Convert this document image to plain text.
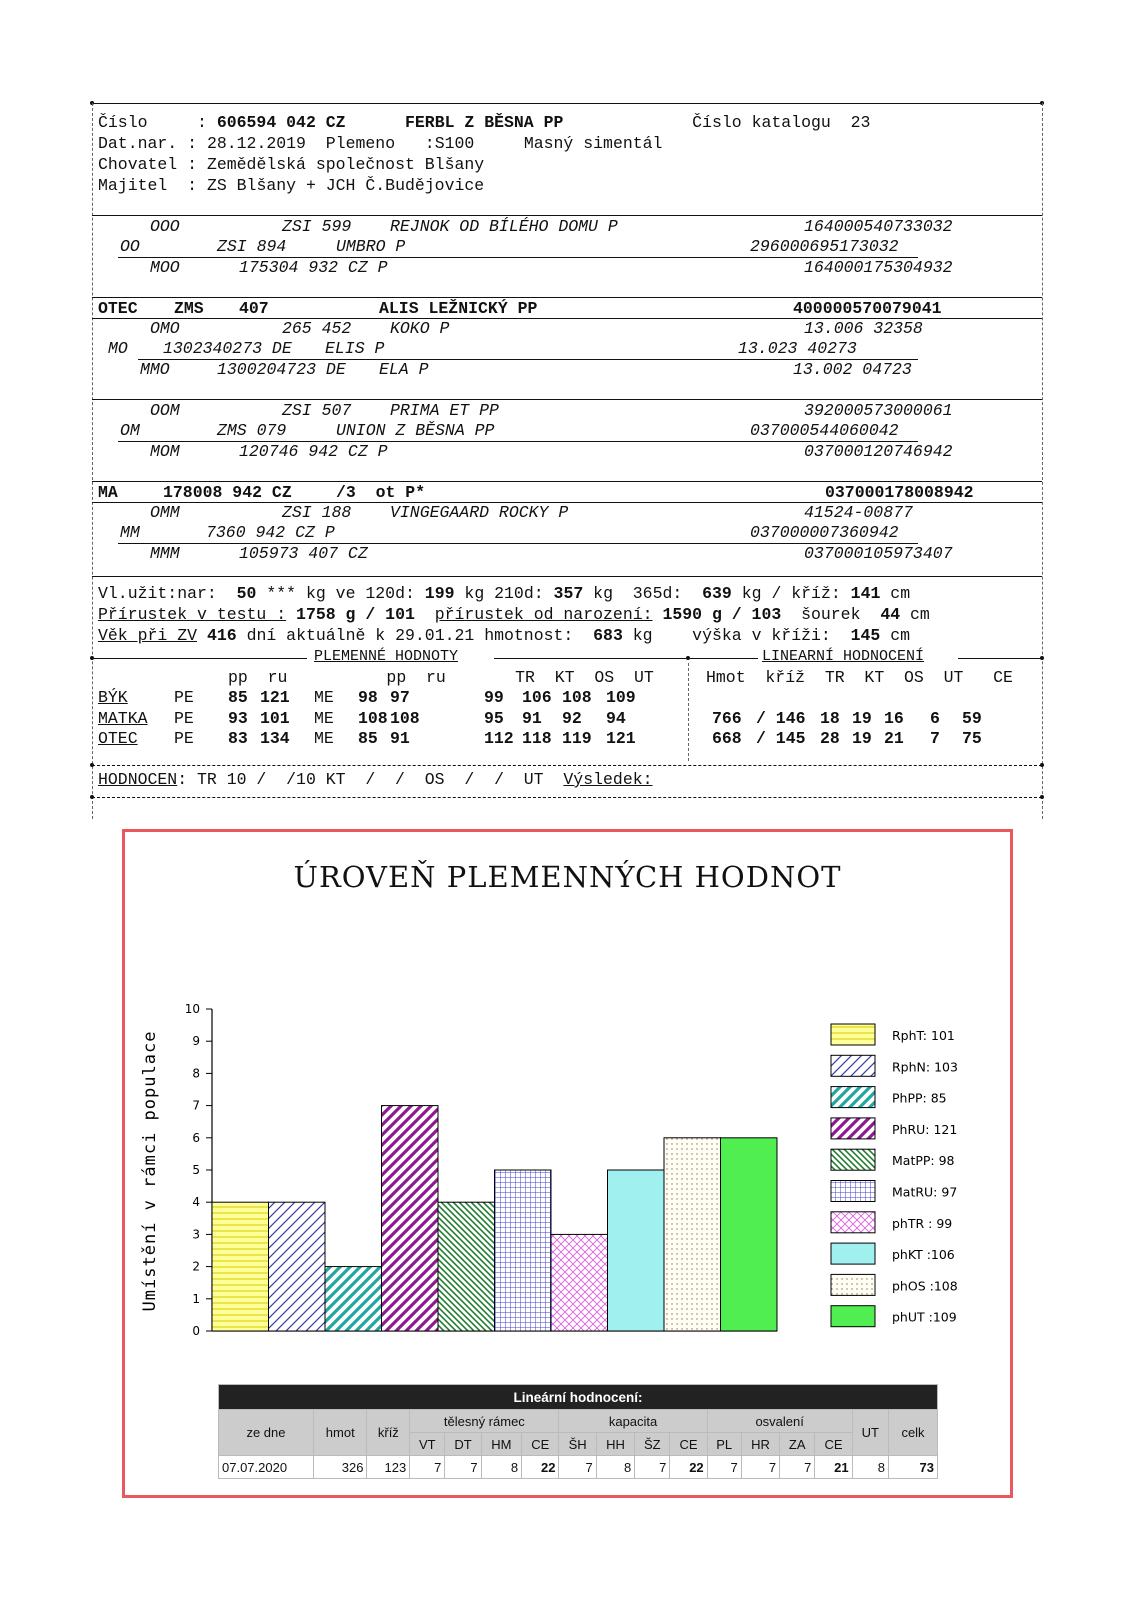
Číslo     : 606594 042 CZ	FERBL Z BĚSNA PP	Číslo katalogu 23
Dat.nar. : 28.12.2019 Plemeno   :S100	Masný simentál
Chovatel : Zemědělská společnost Blšany
Majitel  : ZS Blšany + JCH Č.Budějovice
OOO	ZSI 599 REJNOK OD BÍLÉHO DOMU P	164000540733032
OO	ZSI 894	UMBRO P	296000695173032
MOO	175304 932 CZ P	164000175304932
OTEC ZMS 407	ALIS LEŽNICKÝ PP	400000570079041
OMO	265 452 KOKO P	13.006 32358
MO 1302340273 DE ELIS P	13.023 40273
MMO	1300204723 DE ELA P	13.002 04723
OOM	ZSI 507 PRIMA ET PP	392000573000061
OM	ZMS 079	UNION Z BĚSNA PP	037000544060042
MOM	120746 942 CZ P	037000120746942
MA	178008 942 CZ	/3  ot P*	037000178008942
OMM	ZSI 188 VINGEGAARD ROCKY P	41524-00877
MM	7360 942 CZ P	037000007360942
MMM	105973 407 CZ	037000105973407
Vl.užit:nar: 50 *** kg ve 120d: 199 kg 210d: 357 kg  365d: 639 kg / kříž: 141 cm
Přírustek v testu : 1758 g / 101 přírustek od narození: 1590 g / 103 šourek 44 cm
Věk při ZV 416 dní aktuálně k 29.01.21 hmotnost: 683 kg    výška v kříži: 145 cm
PLEMENNÉ HODNOTY	LINEARNÍ HODNOCENÍ
pp  ru          pp  ru       TR  KT  OS  UT	Hmot  kříž  TR  KT  OS  UT   CE
BÝK	PE 85 121 ME 98 97	99 106 108 109
MATKA PE 93 101 ME 108 108	95 91 92 94	766 / 146 18 19 16 6 59
OTEC PE 83 134 ME 85 91	112 118 119 121	668 / 145 28 19 21 7 75
HODNOCEN: TR 10 /  /10 KT  /  /  OS  /  /  UT Výsledek:
ÚROVEŇ PLEMENNÝCH HODNOT
0
1
2
3
4
5
6
7
8
9
10
Umístění v rámci populace	RphT: 101
RphN: 103
PhPP: 85
PhRU: 121
MatPP: 98
MatRU: 97
phTR : 99
phKT :106
phOS :108
phUT :109
Lineární hodnocení:																
ze dne	hmot	kříž	tělesný rámec				kapacita				osvalení				UT	celk
			VT	DT	HM	CE	ŠH	HH	ŠZ	CE	PL	HR	ZA	CE		
07.07.2020	326	123	7	7	8	22	7	8	7	22	7	7	7	21	8	73
